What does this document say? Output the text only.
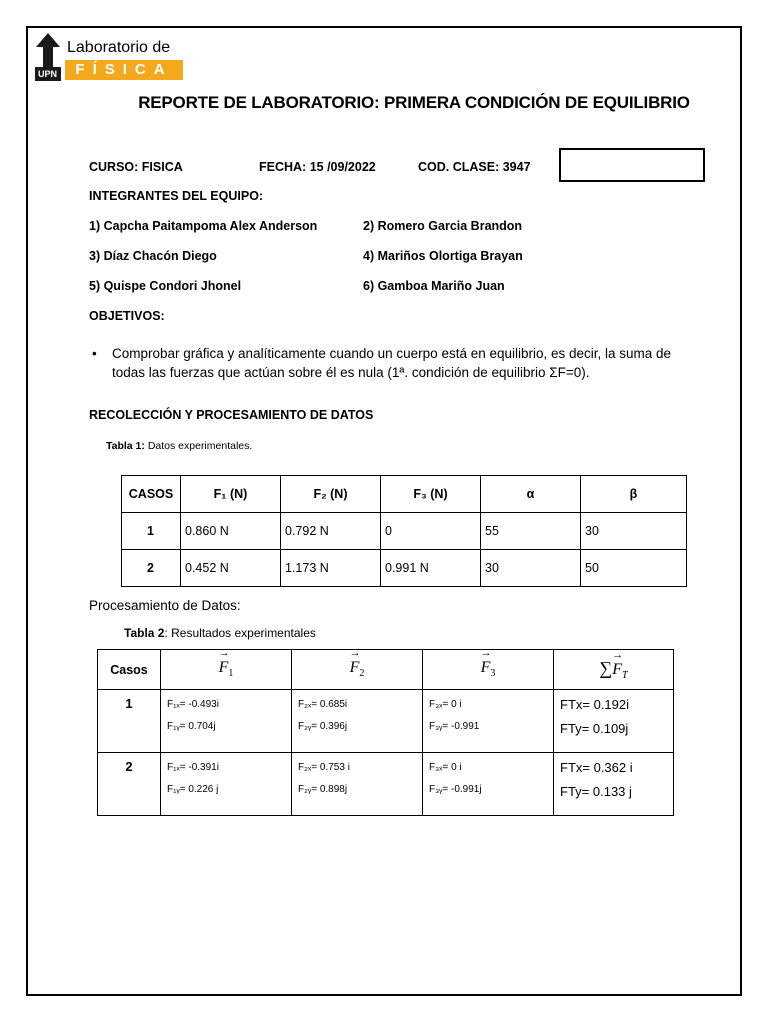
UPN
Laboratorio de
FÍSICA
REPORTE DE LABORATORIO: PRIMERA CONDICIÓN DE EQUILIBRIO
CURSO: FISICA	FECHA: 15 /09/2022	COD. CLASE: 3947
INTEGRANTES DEL EQUIPO:
1) Capcha Paitampoma Alex Anderson	2) Romero Garcia Brandon
3) Díaz Chacón Diego	4) Mariños Olortiga Brayan
5) Quispe Condori Jhonel	6) Gamboa Mariño Juan
OBJETIVOS:
• Comprobar gráfica y analíticamente cuando un cuerpo está en equilibrio, es decir, la suma de todas las fuerzas que actúan sobre él es nula (1ª. condición de equilibrio ΣF=0).
RECOLECCIÓN Y PROCESAMIENTO DE DATOS
Tabla 1: Datos experimentales.
CASOS	F₁ (N)	F₂ (N)	F₃ (N)	α	β
1	0.860 N	0.792 N	0	55	30
2	0.452 N	1.173 N	0.991 N	30	50
Procesamiento de Datos:
Tabla 2: Resultados experimentales
Casos	→ $F_1$	→ $F_2$	→ $F_3$	∑→ $F_T$
1	F₁ₓ= -0.493i
F₁ᵧ= 0.704j	F₂ₓ= 0.685i
F₂ᵧ= 0.396j	F₃ₓ= 0 i
F₃ᵧ= -0.991	FTx= 0.192i
FTy= 0.109j

2	F₁ₓ= -0.391i
F₁ᵧ= 0.226 j	F₂ₓ= 0.753 i
F₂ᵧ= 0.898j	F₃ₓ= 0 i
F₃ᵧ= -0.991j	FTx= 0.362 i
FTy= 0.133 j
